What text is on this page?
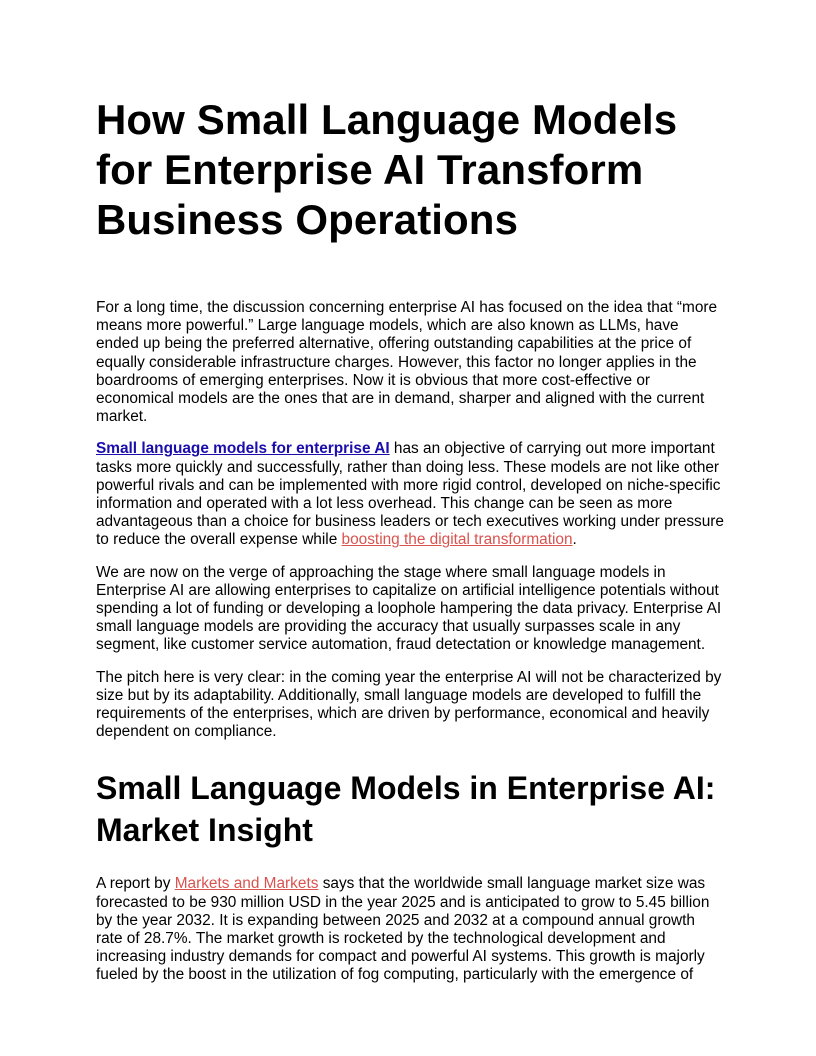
How Small Language Models for Enterprise AI Transform Business Operations

For a long time, the discussion concerning enterprise AI has focused on the idea that “more means more powerful.” Large language models, which are also known as LLMs, have ended up being the preferred alternative, offering outstanding capabilities at the price of equally considerable infrastructure charges. However, this factor no longer applies in the boardrooms of emerging enterprises. Now it is obvious that more cost-effective or economical models are the ones that are in demand, sharper and aligned with the current market.

Small language models for enterprise AI has an objective of carrying out more important tasks more quickly and successfully, rather than doing less. These models are not like other powerful rivals and can be implemented with more rigid control, developed on niche-specific information and operated with a lot less overhead. This change can be seen as more advantageous than a choice for business leaders or tech executives working under pressure to reduce the overall expense while boosting the digital transformation.

We are now on the verge of approaching the stage where small language models in Enterprise AI are allowing enterprises to capitalize on artificial intelligence potentials without spending a lot of funding or developing a loophole hampering the data privacy. Enterprise AI small language models are providing the accuracy that usually surpasses scale in any segment, like customer service automation, fraud detectation or knowledge management.

The pitch here is very clear: in the coming year the enterprise AI will not be characterized by size but by its adaptability. Additionally, small language models are developed to fulfill the requirements of the enterprises, which are driven by performance, economical and heavily dependent on compliance.

Small Language Models in Enterprise AI: Market Insight

A report by Markets and Markets says that the worldwide small language market size was forecasted to be 930 million USD in the year 2025 and is anticipated to grow to 5.45 billion by the year 2032. It is expanding between 2025 and 2032 at a compound annual growth rate of 28.7%. The market growth is rocketed by the technological development and increasing industry demands for compact and powerful AI systems. This growth is majorly fueled by the boost in the utilization of fog computing, particularly with the emergence of
